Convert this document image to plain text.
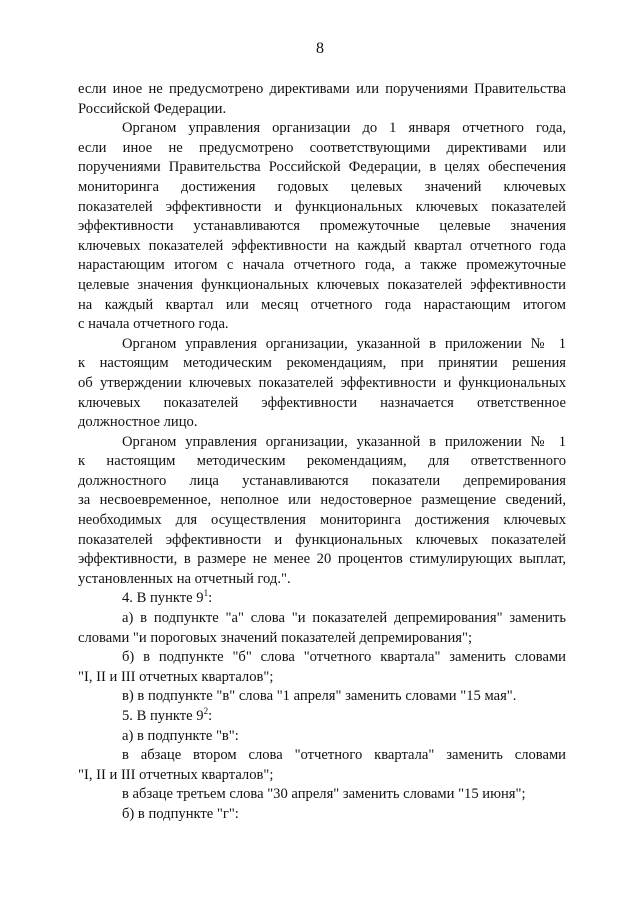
8
если иное не предусмотрено директивами или поручениями Правительства
Российской Федерации.
Органом управления организации до 1 января отчетного года,
если иное не предусмотрено соответствующими директивами или
поручениями Правительства Российской Федерации, в целях обеспечения
мониторинга достижения годовых целевых значений ключевых
показателей эффективности и функциональных ключевых показателей
эффективности устанавливаются промежуточные целевые значения
ключевых показателей эффективности на каждый квартал отчетного года
нарастающим итогом с начала отчетного года, а также промежуточные
целевые значения функциональных ключевых показателей эффективности
на каждый квартал или месяц отчетного года нарастающим итогом
с начала отчетного года.
Органом управления организации, указанной в приложении № 1
к настоящим методическим рекомендациям, при принятии решения
об утверждении ключевых показателей эффективности и функциональных
ключевых показателей эффективности назначается ответственное
должностное лицо.
Органом управления организации, указанной в приложении № 1
к настоящим методическим рекомендациям, для ответственного
должностного лица устанавливаются показатели депремирования
за несвоевременное, неполное или недостоверное размещение сведений,
необходимых для осуществления мониторинга достижения ключевых
показателей эффективности и функциональных ключевых показателей
эффективности, в размере не менее 20 процентов стимулирующих выплат,
установленных на отчетный год.".
4. В пункте $9^1$:
а) в подпункте "а" слова "и показателей депремирования" заменить
словами "и пороговых значений показателей депремирования";
б) в подпункте "б" слова "отчетного квартала" заменить словами
"I, II и III отчетных кварталов";
в) в подпункте "в" слова "1 апреля" заменить словами "15 мая".
5. В пункте $9^2$:
а) в подпункте "в":
в абзаце втором слова "отчетного квартала" заменить словами
"I, II и III отчетных кварталов";
в абзаце третьем слова "30 апреля" заменить словами "15 июня";
б) в подпункте "г":
